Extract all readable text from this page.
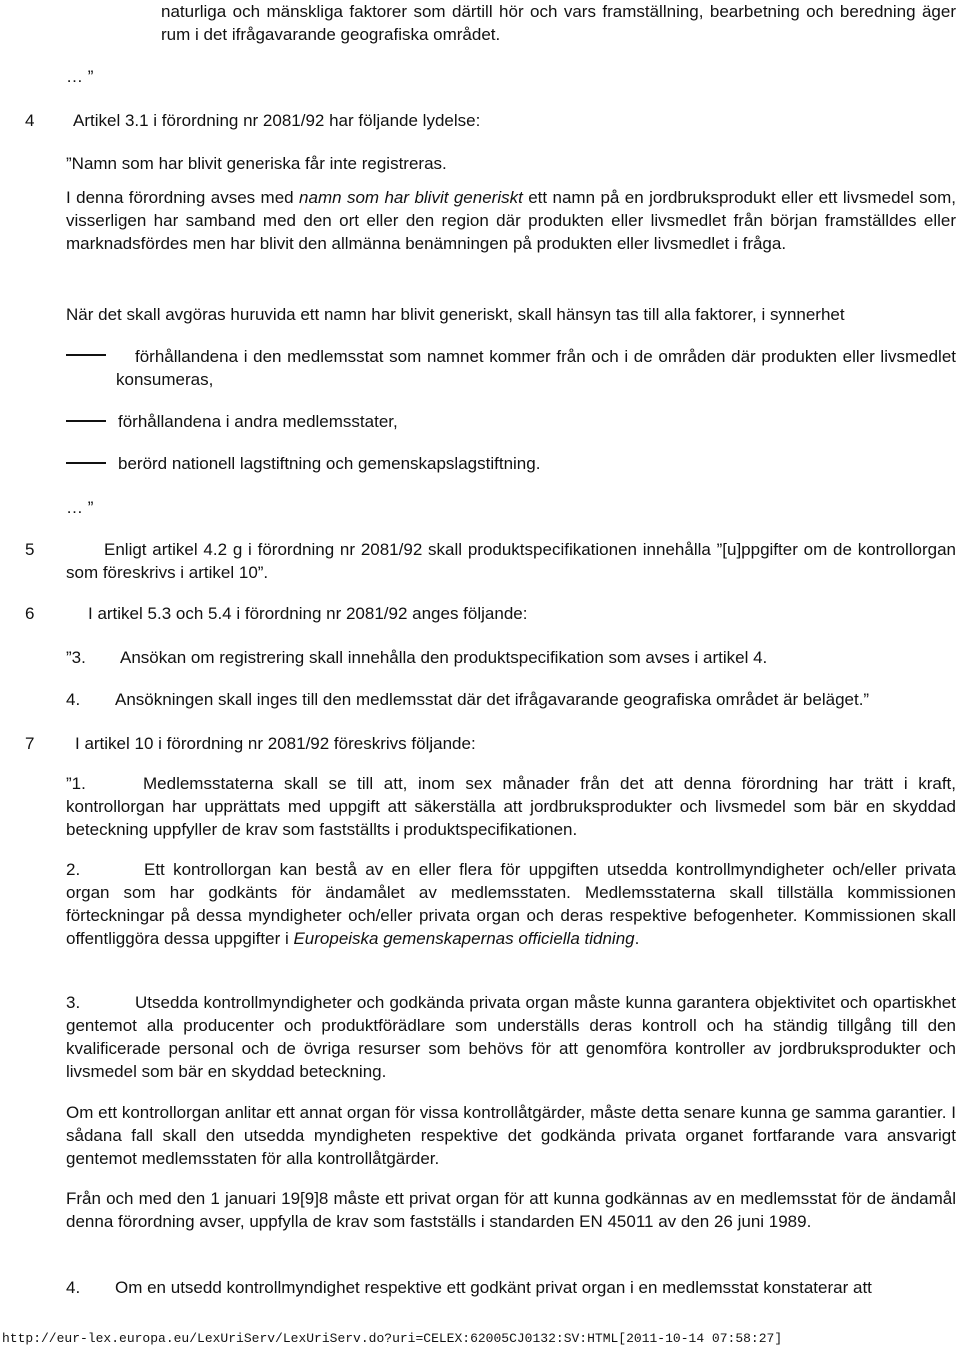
naturliga och mänskliga faktorer som därtill hör och vars framställning, bearbetning och beredning äger rum i det ifrågavarande geografiska området.

… ”
4 Artikel 3.1 i förordning nr 2081/92 har följande lydelse:
”Namn som har blivit generiska får inte registreras.

I denna förordning avses med namn som har blivit generiskt ett namn på en jordbruksprodukt eller ett livsmedel som, visserligen har samband med den ort eller den region där produkten eller livsmedlet från början framställdes eller marknadsfördes men har blivit den allmänna benämningen på produkten eller livsmedlet i fråga.

När det skall avgöras huruvida ett namn har blivit generiskt, skall hänsyn tas till alla faktorer, i synnerhet

förhållandena i den medlemsstat som namnet kommer från och i de områden där produkten eller livsmedlet konsumeras,

förhållandena i andra medlemsstater,

berörd nationell lagstiftning och gemenskapslagstiftning.

… ”
5	Enligt artikel 4.2 g i förordning nr 2081/92 skall produktspecifikationen innehålla ”[u]ppgifter om de kontrollorgan som föreskrivs i artikel 10”.

6	I artikel 5.3 och 5.4 i förordning nr 2081/92 anges följande:
”3. Ansökan om registrering skall innehålla den produktspecifikation som avses i artikel 4.
4. Ansökningen skall inges till den medlemsstat där det ifrågavarande geografiska området är beläget.”
7 I artikel 10 i förordning nr 2081/92 föreskrivs följande:
”1.	Medlemsstaterna skall se till att, inom sex månader från det att denna förordning har trätt i kraft, kontrollorgan har upprättats med uppgift att säkerställa att jordbruksprodukter och livsmedel som bär en skyddad beteckning uppfyller de krav som fastställts i produktspecifikationen.

2.	Ett kontrollorgan kan bestå av en eller flera för uppgiften utsedda kontrollmyndigheter och/eller privata organ som har godkänts för ändamålet av medlemsstaten. Medlemsstaterna skall tillställa kommissionen förteckningar på dessa myndigheter och/eller privata organ och deras respektive befogenheter. Kommissionen skall offentliggöra dessa uppgifter i Europeiska gemenskapernas officiella tidning.

3.	Utsedda kontrollmyndigheter och godkända privata organ måste kunna garantera objektivitet och opartiskhet gentemot alla producenter och produktförädlare som underställs deras kontroll och ha ständig tillgång till den kvalificerade personal och de övriga resurser som behövs för att genomföra kontroller av jordbruksprodukter och livsmedel som bär en skyddad beteckning.

Om ett kontrollorgan anlitar ett annat organ för vissa kontrollåtgärder, måste detta senare kunna ge samma garantier. I sådana fall skall den utsedda myndigheten respektive det godkända privata organet fortfarande vara ansvarigt gentemot medlemsstaten för alla kontrollåtgärder.

Från och med den 1 januari 19[9]8 måste ett privat organ för att kunna godkännas av en medlemsstat för de ändamål denna förordning avser, uppfylla de krav som fastställs i standarden EN 45011 av den 26 juni 1989.

4.	Om en utsedd kontrollmyndighet respektive ett godkänt privat organ i en medlemsstat konstaterar att

http://eur-lex.europa.eu/LexUriServ/LexUriServ.do?uri=CELEX:62005CJ0132:SV:HTML[2011-10-14 07:58:27]
